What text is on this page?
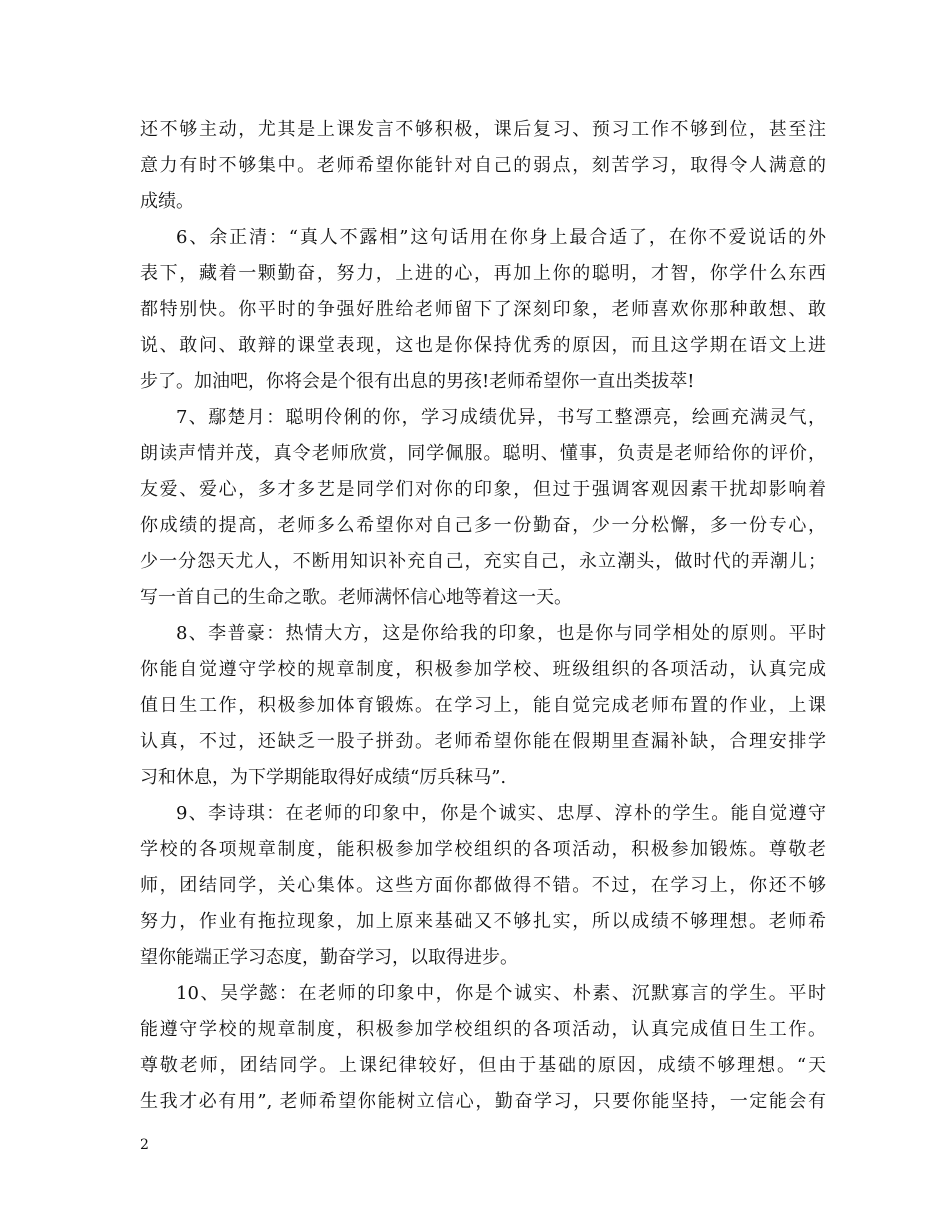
还不够主动，尤其是上课发言不够积极，课后复习、预习工作不够到位，甚至注
意力有时不够集中。老师希望你能针对自己的弱点，刻苦学习，取得令人满意的
成绩。
6、余正清：“真人不露相”这句话用在你身上最合适了，在你不爱说话的外
表下，藏着一颗勤奋，努力，上进的心，再加上你的聪明，才智，你学什么东西
都特别快。你平时的争强好胜给老师留下了深刻印象，老师喜欢你那种敢想、敢
说、敢问、敢辩的课堂表现，这也是你保持优秀的原因，而且这学期在语文上进
步了。加油吧，你将会是个很有出息的男孩!老师希望你一直出类拔萃!
7、鄢楚月：聪明伶俐的你，学习成绩优异，书写工整漂亮，绘画充满灵气，
朗读声情并茂，真令老师欣赏，同学佩服。聪明、懂事，负责是老师给你的评价，
友爱、爱心，多才多艺是同学们对你的印象，但过于强调客观因素干扰却影响着
你成绩的提高，老师多么希望你对自己多一份勤奋，少一分松懈，多一份专心，
少一分怨天尤人，不断用知识补充自己，充实自己，永立潮头，做时代的弄潮儿；
写一首自己的生命之歌。老师满怀信心地等着这一天。
8、李普豪：热情大方，这是你给我的印象，也是你与同学相处的原则。平时
你能自觉遵守学校的规章制度，积极参加学校、班级组织的各项活动，认真完成
值日生工作，积极参加体育锻炼。在学习上，能自觉完成老师布置的作业，上课
认真，不过，还缺乏一股子拼劲。老师希望你能在假期里查漏补缺，合理安排学
习和休息，为下学期能取得好成绩“厉兵秣马”.
9、李诗琪：在老师的印象中，你是个诚实、忠厚、淳朴的学生。能自觉遵守
学校的各项规章制度，能积极参加学校组织的各项活动，积极参加锻炼。尊敬老
师，团结同学，关心集体。这些方面你都做得不错。不过，在学习上，你还不够
努力，作业有拖拉现象，加上原来基础又不够扎实，所以成绩不够理想。老师希
望你能端正学习态度，勤奋学习，以取得进步。
10、吴学懿：在老师的印象中，你是个诚实、朴素、沉默寡言的学生。平时
能遵守学校的规章制度，积极参加学校组织的各项活动，认真完成值日生工作。
尊敬老师，团结同学。上课纪律较好，但由于基础的原因，成绩不够理想。“天
生我才必有用”, 老师希望你能树立信心，勤奋学习，只要你能坚持，一定能会有
2
